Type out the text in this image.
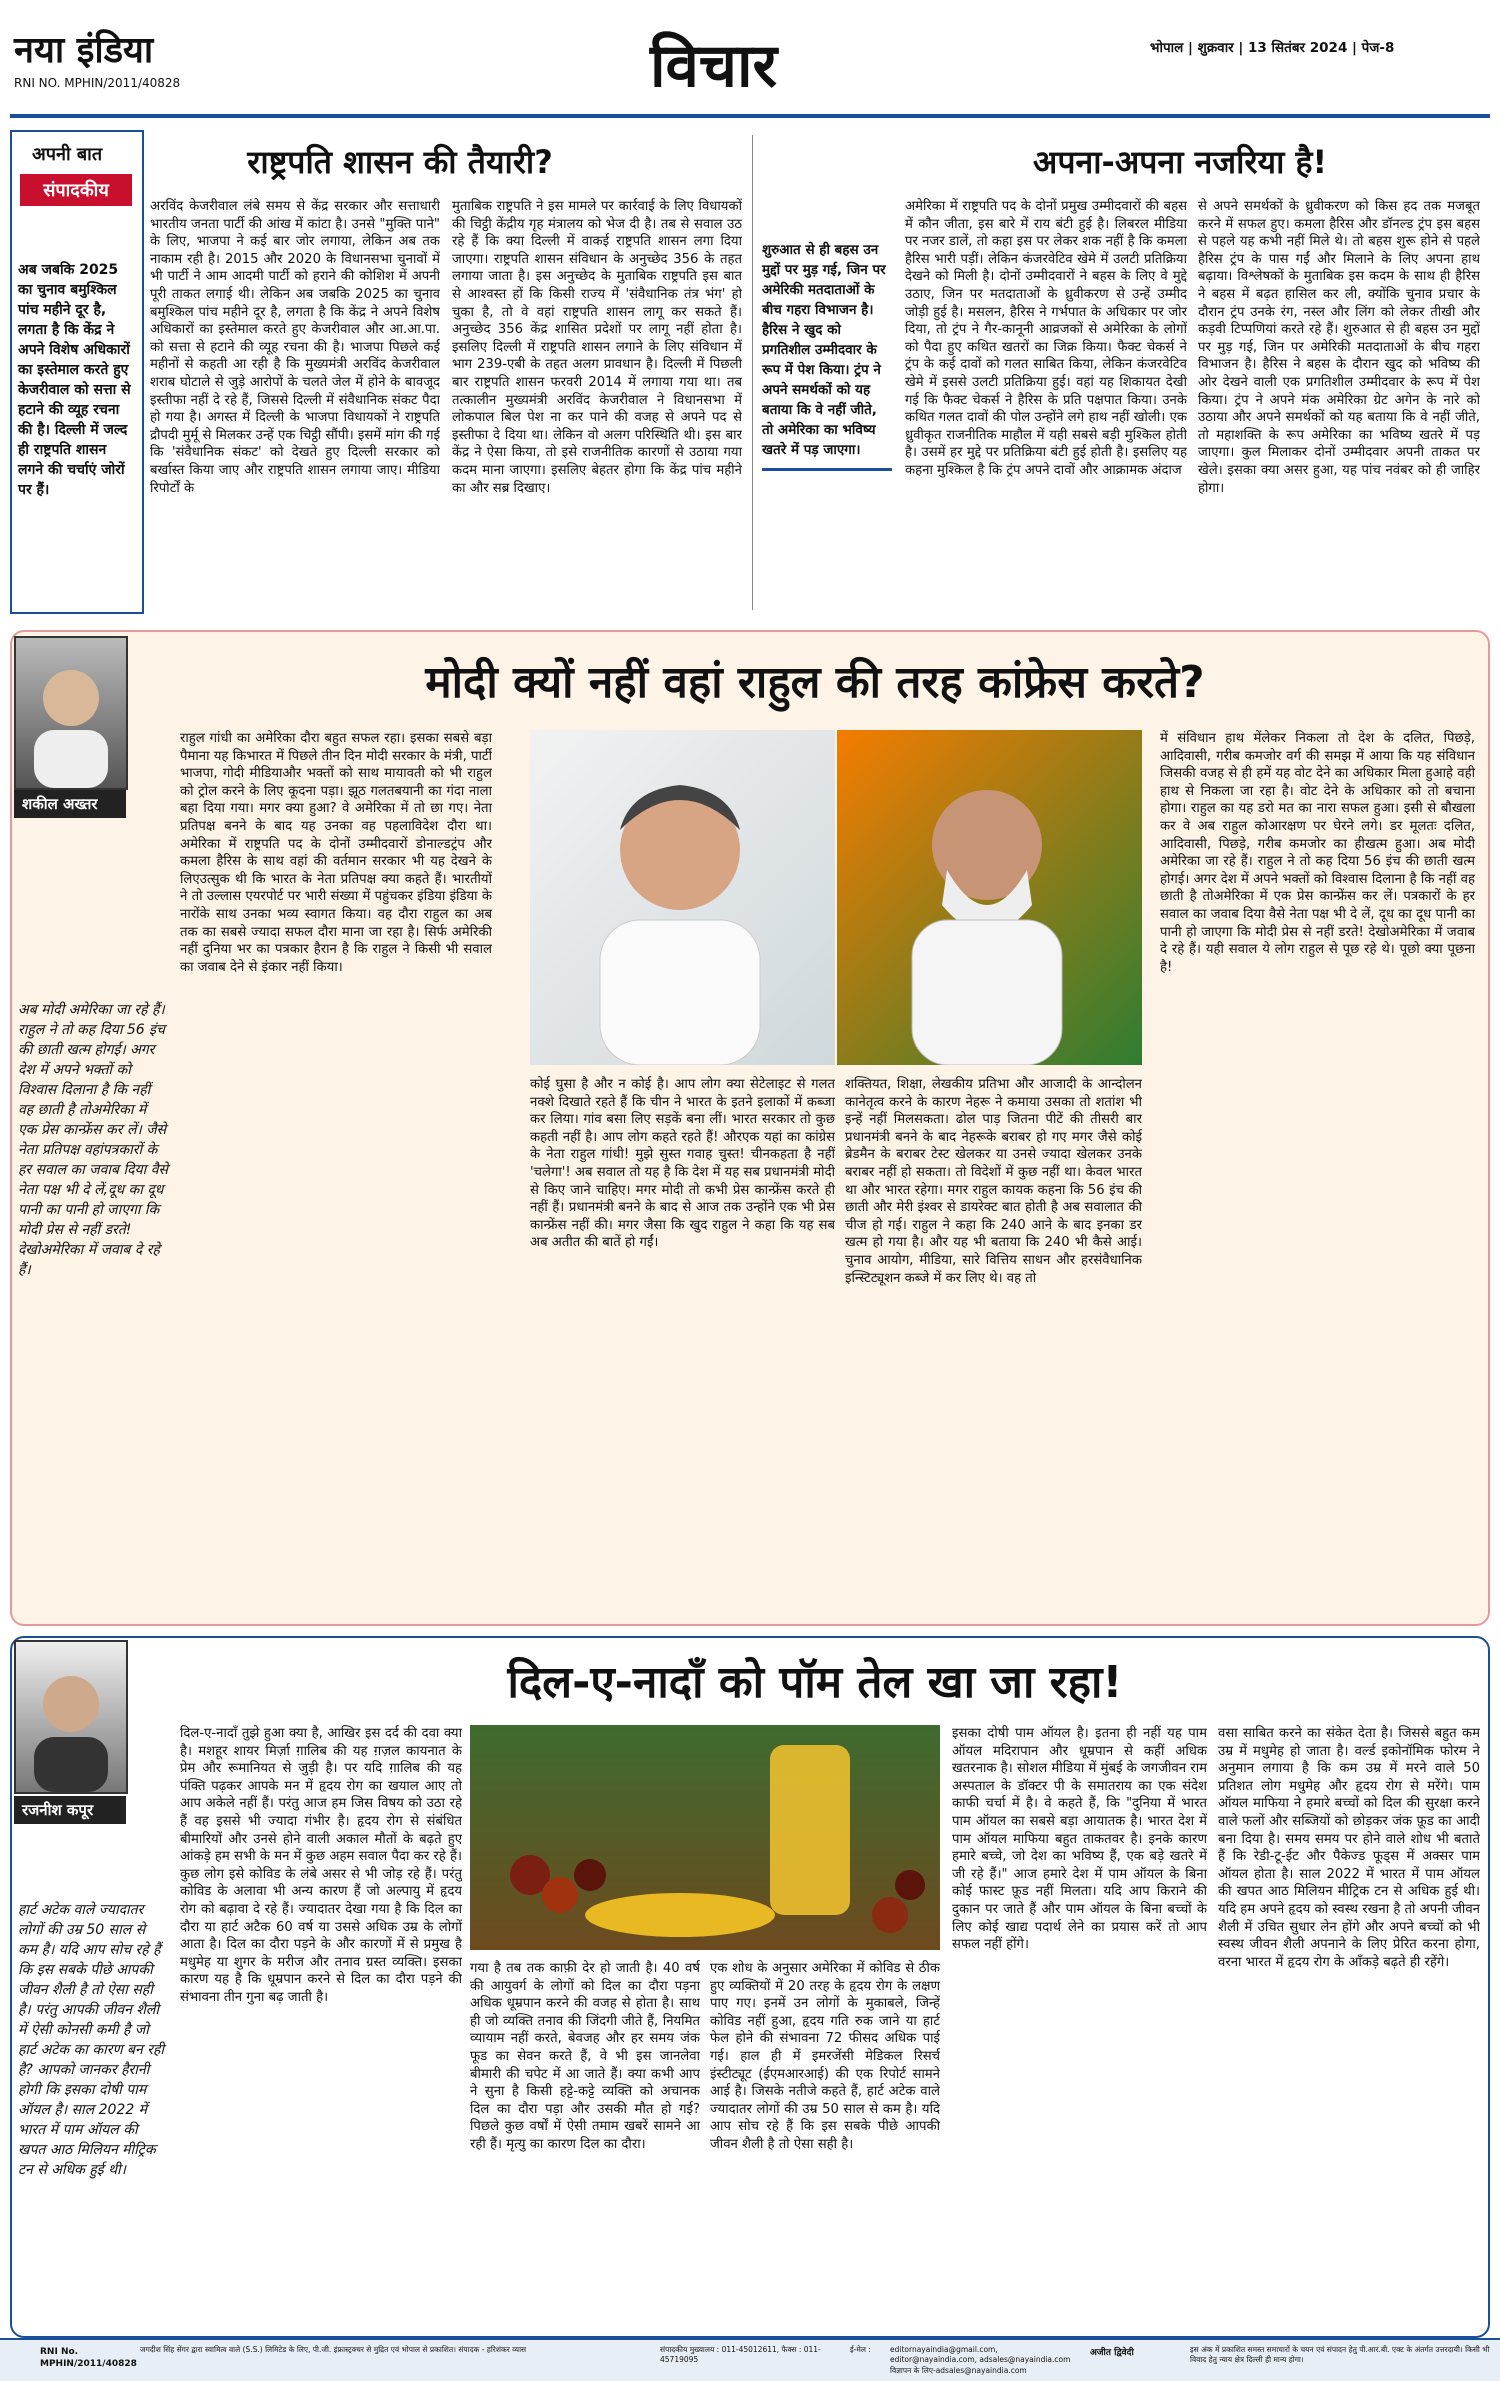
नया इंडिया
RNI NO. MPHIN/2011/40828	विचार	भोपाल | शुक्रवार | 13 सितंबर 2024 | पेज-8
अपनी बात
संपादकीय
अब जबकि 2025 का चुनाव बमुश्किल पांच महीने दूर है, लगता है कि केंद्र ने अपने विशेष अधिकारों का इस्तेमाल करते हुए केजरीवाल को सत्ता से हटाने की व्यूह रचना की है। दिल्ली में जल्द ही राष्ट्रपति शासन लगने की चर्चाएं जोरों पर हैं।
राष्ट्रपति शासन की तैयारी?

अरविंद केजरीवाल लंबे समय से केंद्र सरकार और सत्ताधारी भारतीय जनता पार्टी की आंख में कांटा है। उनसे "मुक्ति पाने" के लिए, भाजपा ने कई बार जोर लगाया, लेकिन अब तक नाकाम रही है। 2015 और 2020 के विधानसभा चुनावों में भी पार्टी ने आम आदमी पार्टी को हराने की कोशिश में अपनी पूरी ताकत लगाई थी। लेकिन अब जबकि 2025 का चुनाव बमुश्किल पांच महीने दूर है, लगता है कि केंद्र ने अपने विशेष अधिकारों का इस्तेमाल करते हुए केजरीवाल और आ.आ.पा. को सत्ता से हटाने की व्यूह रचना की है। भाजपा पिछले कई महीनों से कहती आ रही है कि मुख्यमंत्री अरविंद केजरीवाल शराब घोटाले से जुड़े आरोपों के चलते जेल में होने के बावजूद इस्तीफा नहीं दे रहे हैं, जिससे दिल्ली में संवैधानिक संकट पैदा हो गया है। अगस्त में दिल्ली के भाजपा विधायकों ने राष्ट्रपति द्रौपदी मुर्मू से मिलकर उन्हें एक चिट्ठी सौंपी। इसमें मांग की गई कि 'संवैधानिक संकट' को देखते हुए दिल्ली सरकार को बर्खास्त किया जाए और राष्ट्रपति शासन लगाया जाए। मीडिया रिपोर्टों के

मुताबिक राष्ट्रपति ने इस मामले पर कार्रवाई के लिए विधायकों की चिट्ठी केंद्रीय गृह मंत्रालय को भेज दी है। तब से सवाल उठ रहे हैं कि क्या दिल्ली में वाकई राष्ट्रपति शासन लगा दिया जाएगा। राष्ट्रपति शासन संविधान के अनुच्छेद 356 के तहत लगाया जाता है। इस अनुच्छेद के मुताबिक राष्ट्रपति इस बात से आश्वस्त हों कि किसी राज्य में 'संवैधानिक तंत्र भंग' हो चुका है, तो वे वहां राष्ट्रपति शासन लागू कर सकते हैं। अनुच्छेद 356 केंद्र शासित प्रदेशों पर लागू नहीं होता है। इसलिए दिल्ली में राष्ट्रपति शासन लगाने के लिए संविधान में भाग 239-एबी के तहत अलग प्रावधान है। दिल्ली में पिछली बार राष्ट्रपति शासन फरवरी 2014 में लगाया गया था। तब तत्कालीन मुख्यमंत्री अरविंद केजरीवाल ने विधानसभा में लोकपाल बिल पेश ना कर पाने की वजह से अपने पद से इस्तीफा दे दिया था। लेकिन वो अलग परिस्थिति थी। इस बार केंद्र ने ऐसा किया, तो इसे राजनीतिक कारणों से उठाया गया कदम माना जाएगा। इसलिए बेहतर होगा कि केंद्र पांच महीने का और सब्र दिखाए।

अपना-अपना नजरिया है!
शुरुआत से ही बहस उन मुद्दों पर मुड़ गई, जिन पर अमेरिकी मतदाताओं के बीच गहरा विभाजन है। हैरिस ने खुद को प्रगतिशील उम्मीदवार के रूप में पेश किया। ट्रंप ने अपने समर्थकों को यह बताया कि वे नहीं जीते, तो अमेरिका का भविष्य खतरे में पड़ जाएगा।

अमेरिका में राष्ट्रपति पद के दोनों प्रमुख उम्मीदवारों की बहस में कौन जीता, इस बारे में राय बंटी हुई है। लिबरल मीडिया पर नजर डालें, तो कहा इस पर लेकर शक नहीं है कि कमला हैरिस भारी पड़ीं। लेकिन कंजरवेटिव खेमे में उलटी प्रतिक्रिया देखने को मिली है। दोनों उम्मीदवारों ने बहस के लिए वे मुद्दे उठाए, जिन पर मतदाताओं के ध्रुवीकरण से उन्हें उम्मीद जोड़ी हुई है। मसलन, हैरिस ने गर्भपात के अधिकार पर जोर दिया, तो ट्रंप ने गैर-कानूनी आव्रजकों से अमेरिका के लोगों को पैदा हुए कथित खतरों का जिक्र किया। फैक्ट चेकर्स ने ट्रंप के कई दावों को गलत साबित किया, लेकिन कंजरवेटिव खेमे में इससे उलटी प्रतिक्रिया हुई। वहां यह शिकायत देखी गई कि फैक्ट चेकर्स ने हैरिस के प्रति पक्षपात किया। उनके कथित गलत दावों की पोल उन्होंने लगे हाथ नहीं खोली। एक ध्रुवीकृत राजनीतिक माहौल में यही सबसे बड़ी मुश्किल होती है। उसमें हर मुद्दे पर प्रतिक्रिया बंटी हुई होती है। इसलिए यह कहना मुश्किल है कि ट्रंप अपने दावों और आक्रामक अंदाज

से अपने समर्थकों के ध्रुवीकरण को किस हद तक मजबूत करने में सफल हुए। कमला हैरिस और डॉनल्ड ट्रंप इस बहस से पहले यह कभी नहीं मिले थे। तो बहस शुरू होने से पहले हैरिस ट्रंप के पास गईं और मिलाने के लिए अपना हाथ बढ़ाया। विश्लेषकों के मुताबिक इस कदम के साथ ही हैरिस ने बहस में बढ़त हासिल कर ली, क्योंकि चुनाव प्रचार के दौरान ट्रंप उनके रंग, नस्ल और लिंग को लेकर तीखी और कड़वी टिप्पणियां करते रहे हैं। शुरुआत से ही बहस उन मुद्दों पर मुड़ गई, जिन पर अमेरिकी मतदाताओं के बीच गहरा विभाजन है। हैरिस ने बहस के दौरान खुद को भविष्य की ओर देखने वाली एक प्रगतिशील उम्मीदवार के रूप में पेश किया। ट्रंप ने अपने मंक अमेरिका ग्रेट अगेन के नारे को उठाया और अपने समर्थकों को यह बताया कि वे नहीं जीते, तो महाशक्ति के रूप अमेरिका का भविष्य खतरे में पड़ जाएगा। कुल मिलाकर दोनों उम्मीदवार अपनी ताकत पर खेले। इसका क्या असर हुआ, यह पांच नवंबर को ही जाहिर होगा।

शकील अख्तर
मोदी क्यों नहीं वहां राहुल की तरह कांफ्रेस करते?
अब मोदी अमेरिका जा रहे हैं। राहुल ने तो कह दिया 56 इंच की छाती खत्म होगई। अगर देश में अपने भक्तों को विश्वास दिलाना है कि नहीं वह छाती है तोअमेरिका में एक प्रेस कान्फ्रेंस कर लें। जैसे नेता प्रतिपक्ष वहांपत्रकारों के हर सवाल का जवाब दिया वैसे नेता पक्ष भी दे लें,दूध का दूध पानी का पानी हो जाएगा कि मोदी प्रेस से नहीं डरते! देखोअमेरिका में जवाब दे रहे हैं।

राहुल गांधी का अमेरिका दौरा बहुत सफल रहा। इसका सबसे बड़ा पैमाना यह किभारत में पिछले तीन दिन मोदी सरकार के मंत्री, पार्टी भाजपा, गोदी मीडियाऔर भक्तों को साथ मायावती को भी राहुल को ट्रोल करने के लिए कूदना पड़ा। झूठ गलतबयानी का गंदा नाला बहा दिया गया। मगर क्या हुआ? वे अमेरिका में तो छा गए। नेता प्रतिपक्ष बनने के बाद यह उनका वह पहलाविदेश दौरा था। अमेरिका में राष्ट्रपति पद के दोनों उम्मीदवारों डोनाल्डट्रंप और कमला हैरिस के साथ वहां की वर्तमान सरकार भी यह देखने के लिएउत्सुक थी कि भारत के नेता प्रतिपक्ष क्या कहते हैं। भारतीयों ने तो उल्लास एयरपोर्ट पर भारी संख्या में पहुंचकर इंडिया इंडिया के नारोंके साथ उनका भव्य स्वागत किया। वह दौरा राहुल का अब तक का सबसे ज्यादा सफल दौरा माना जा रहा है। सिर्फ अमेरिकी नहीं दुनिया भर का पत्रकार हैरान है कि राहुल ने किसी भी सवाल का जवाब देने से इंकार नहीं किया।

कोई घुसा है और न कोई है। आप लोग क्या सेटेलाइट से गलत नक्शे दिखाते रहते हैं कि चीन ने भारत के इतने इलाकों में कब्जा कर लिया। गांव बसा लिए सड़कें बना लीं। भारत सरकार तो कुछ कहती नहीं है। आप लोग कहते रहते हैं! औरएक यहां का कांग्रेस के नेता राहुल गांधी! मुझे सुस्त गवाह चुस्त! चीनकहता है नहीं 'चलेगा'! अब सवाल तो यह है कि देश में यह सब प्रधानमंत्री मोदी से किए जाने चाहिए। मगर मोदी तो कभी प्रेस कान्फ्रेंस करते ही नहीं हैं। प्रधानमंत्री बनने के बाद से आज तक उन्होंने एक भी प्रेस कान्फ्रेंस नहीं की। मगर जैसा कि खुद राहुल ने कहा कि यह सब अब अतीत की बातें हो गईं।

शक्तियत, शिक्षा, लेखकीय प्रतिभा और आजादी के आन्दोलन कानेतृत्व करने के कारण नेहरू ने कमाया उसका तो शतांश भी इन्हें नहीं मिलसकता। ढोल पाड़ जितना पीटें की तीसरी बार प्रधानमंत्री बनने के बाद नेहरूके बराबर हो गए मगर जैसे कोई ब्रेडमैन के बराबर टेस्ट खेलकर या उनसे ज्यादा खेलकर उनके बराबर नहीं हो सकता। तो विदेशों में कुछ नहीं था। केवल भारत था और भारत रहेगा। मगर राहुल कायक कहना कि 56 इंच की छाती और मेरी इंश्वर से डायरेक्ट बात होती है अब सवालात की चीज हो गई। राहुल ने कहा कि 240 आने के बाद इनका डर खत्म हो गया है। और यह भी बताया कि 240 भी कैसे आई। चुनाव आयोग, मीडिया, सारे वित्तिय साधन और हरसंवैधानिक इन्स्टिट्यूशन कब्जे में कर लिए थे। वह तो

में संविधान हाथ मेंलेकर निकला तो देश के दलित, पिछड़े, आदिवासी, गरीब कमजोर वर्ग की समझ में आया कि यह संविधान जिसकी वजह से ही हमें यह वोट देने का अधिकार मिला हुआहे वही हाथ से निकला जा रहा है। वोट देने के अधिकार को तो बचाना होगा। राहुल का यह डरो मत का नारा सफल हुआ। इसी से बौखला कर वे अब राहुल कोआरक्षण पर घेरने लगे। डर मूलतः दलित, आदिवासी, पिछड़े, गरीब कमजोर का हीखत्म हुआ। अब मोदी अमेरिका जा रहे हैं। राहुल ने तो कह दिया 56 इंच की छाती खत्म होगई। अगर देश में अपने भक्तों को विश्वास दिलाना है कि नहीं वह छाती है तोअमेरिका में एक प्रेस कान्फ्रेंस कर लें। पत्रकारों के हर सवाल का जवाब दिया वैसे नेता पक्ष भी दे लें, दूध का दूध पानी का पानी हो जाएगा कि मोदी प्रेस से नहीं डरते! देखोअमेरिका में जवाब दे रहे हैं। यही सवाल ये लोग राहुल से पूछ रहे थे। पूछो क्या पूछना है!

रजनीश कपूर
दिल-ए-नादाँ को पॉम तेल खा जा रहा!
हार्ट अटेक वाले ज्यादातर लोगों की उम्र 50 साल से कम है। यदि आप सोच रहे हैं कि इस सबके पीछे आपकी जीवन शैली है तो ऐसा सही है। परंतु आपकी जीवन शैली में ऐसी कोनसी कमी है जो हार्ट अटेक का कारण बन रही है? आपको जानकर हैरानी होगी कि इसका दोषी पाम ऑयल है। साल 2022 में भारत में पाम ऑयल की खपत आठ मिलियन मीट्रिक टन से अधिक हुई थी।

दिल-ए-नादाँ तुझे हुआ क्या है, आखिर इस दर्द की दवा क्या है। मशहूर शायर मिर्ज़ा ग़ालिब की यह ग़ज़ल कायनात के प्रेम और रूमानियत से जुड़ी है। पर यदि ग़ालिब की यह पंक्ति पढ़कर आपके मन में हृदय रोग का खयाल आए तो आप अकेले नहीं हैं। परंतु आज हम जिस विषय को उठा रहे हैं वह इससे भी ज्यादा गंभीर है। हृदय रोग से संबंधित बीमारियों और उनसे होने वाली अकाल मौतों के बढ़ते हुए आंकड़े हम सभी के मन में कुछ अहम सवाल पैदा कर रहे हैं। कुछ लोग इसे कोविड के लंबे असर से भी जोड़ रहे हैं। परंतु कोविड के अलावा भी अन्य कारण हैं जो अल्पायु में हृदय रोग को बढ़ावा दे रहे हैं। ज्यादातर देखा गया है कि दिल का दौरा या हार्ट अटैक 60 वर्ष या उससे अधिक उम्र के लोगों आता है। दिल का दौरा पड़ने के और कारणों में से प्रमुख है मधुमेह या शुगर के मरीज और तनाव ग्रस्त व्यक्ति। इसका कारण यह है कि धूम्रपान करने से दिल का दौरा पड़ने की संभावना तीन गुना बढ़ जाती है।

गया है तब तक काफ़ी देर हो जाती है। 40 वर्ष की आयुवर्ग के लोगों को दिल का दौरा पड़ना अधिक धूम्रपान करने की वजह से होता है। साथ ही जो व्यक्ति तनाव की जिंदगी जीते हैं, नियमित व्यायाम नहीं करते, बेवजह और हर समय जंक फूड का सेवन करते हैं, वे भी इस जानलेवा बीमारी की चपेट में आ जाते हैं। क्या कभी आप ने सुना है किसी हट्टे-कट्टे व्यक्ति को अचानक दिल का दौरा पड़ा और उसकी मौत हो गई? पिछले कुछ वर्षों में ऐसी तमाम खबरें सामने आ रही हैं। मृत्यु का कारण दिल का दौरा।

एक शोध के अनुसार अमेरिका में कोविड से ठीक हुए व्यक्तियों में 20 तरह के हृदय रोग के लक्षण पाए गए। इनमें उन लोगों के मुकाबले, जिन्हें कोविड नहीं हुआ, हृदय गति रुक जाने या हार्ट फेल होने की संभावना 72 फीसद अधिक पाई गई। हाल ही में इमरजेंसी मेडिकल रिसर्च इंस्टीट्यूट (ईएमआरआई) की एक रिपोर्ट सामने आई है। जिसके नतीजे कहते हैं, हार्ट अटेक वाले ज्यादातर लोगों की उम्र 50 साल से कम है। यदि आप सोच रहे हैं कि इस सबके पीछे आपकी जीवन शैली है तो ऐसा सही है।

इसका दोषी पाम ऑयल है। इतना ही नहीं यह पाम ऑयल मदिरापान और धूम्रपान से कहीं अधिक खतरनाक है। सोशल मीडिया में मुंबई के जगजीवन राम अस्पताल के डॉक्टर पी के समातराय का एक संदेश काफी चर्चा में है। वे कहते हैं, कि "दुनिया में भारत पाम ऑयल का सबसे बड़ा आयातक है। भारत देश में पाम ऑयल माफिया बहुत ताकतवर है। इनके कारण हमारे बच्चे, जो देश का भविष्य हैं, एक बड़े खतरे में जी रहे हैं।" आज हमारे देश में पाम ऑयल के बिना कोई फास्ट फ़ूड नहीं मिलता। यदि आप किराने की दुकान पर जाते हैं और पाम ऑयल के बिना बच्चों के लिए कोई खाद्य पदार्थ लेने का प्रयास करें तो आप सफल नहीं होंगे।

वसा साबित करने का संकेत देता है। जिससे बहुत कम उम्र में मधुमेह हो जाता है। वर्ल्ड इकोनॉमिक फोरम ने अनुमान लगाया है कि कम उम्र में मरने वाले 50 प्रतिशत लोग मधुमेह और हृदय रोग से मरेंगे। पाम ऑयल माफिया ने हमारे बच्चों को दिल की सुरक्षा करने वाले फलों और सब्जियों को छोड़कर जंक फ़ूड का आदी बना दिया है। समय समय पर होने वाले शोध भी बताते हैं कि रेडी-टू-ईट और पैकेज्ड फूड्स में अक्सर पाम ऑयल होता है। साल 2022 में भारत में पाम ऑयल की खपत आठ मिलियन मीट्रिक टन से अधिक हुई थी। यदि हम अपने हृदय को स्वस्थ रखना है तो अपनी जीवन शैली में उचित सुधार लेन होंगे और अपने बच्चों को भी स्वस्थ जीवन शैली अपनाने के लिए प्रेरित करना होगा, वरना भारत में हृदय रोग के आँकड़े बढ़ते ही रहेंगे।

RNI No. MPHIN/2011/40828
जगदीश सिंह सेंगर द्वारा स्वामित्व वाले (S.S.) लिमिटेड के लिए, पी.जी. इंफ्रास्ट्रक्चर से मुद्रित एवं भोपाल से प्रकाशित। संपादक - हरिशंकर व्यास	संपादकीय मुख्यालय : 011-45012611, फैक्स : 011-45719095
ई-मेल :	editornayaindia@gmail.com, editor@nayaindia.com, adsales@nayaindia.com
विज्ञापन के लिए-adsales@nayaindia.com
अजीत द्विवेदी	इस अंक में प्रकाशित समस्त समाचारों के चयन एवं संपादन हेतु पी.आर.बी. एक्ट के अंतर्गत उत्तरदायी। किसी भी विवाद हेतु न्याय क्षेत्र दिल्ली ही मान्य होगा।
